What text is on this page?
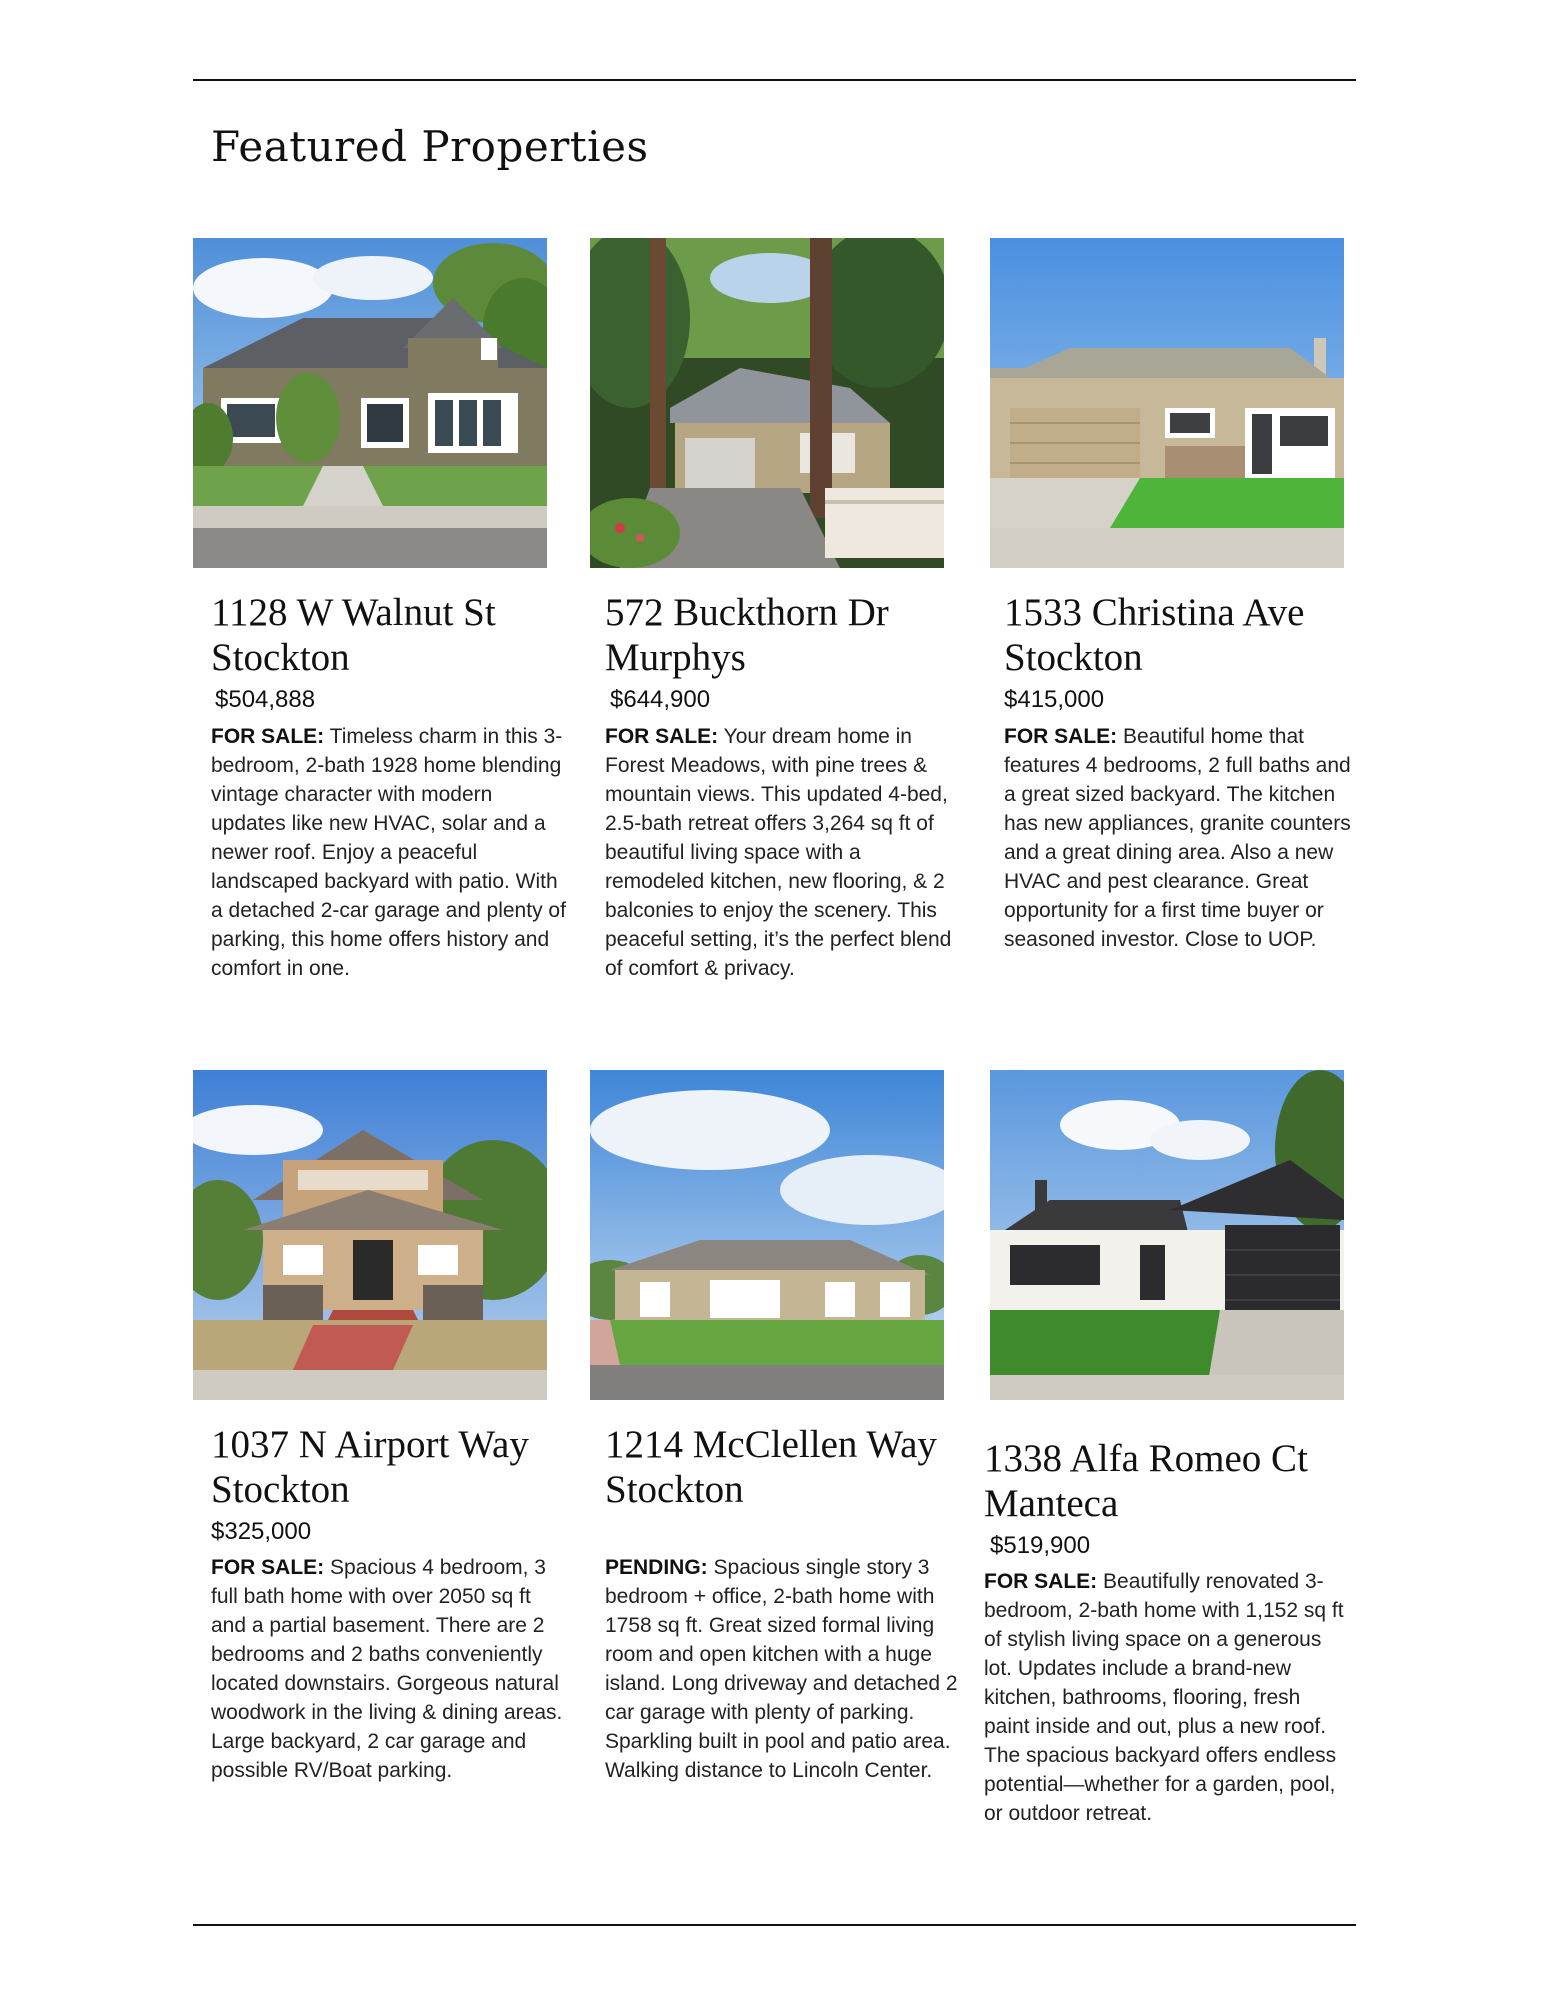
Featured Properties
1128 W Walnut St
Stockton

$504,888

FOR SALE: Timeless charm in this 3-bedroom, 2-bath 1928 home blending vintage character with modern updates like new HVAC, solar and a newer roof. Enjoy a peaceful landscaped backyard with patio. With a detached 2-car garage and plenty of parking, this home offers history and comfort in one.

572 Buckthorn Dr
Murphys

$644,900

FOR SALE: Your dream home in Forest Meadows, with pine trees & mountain views. This updated 4-bed, 2.5-bath retreat offers 3,264 sq ft of beautiful living space with a remodeled kitchen, new flooring, & 2 balconies to enjoy the scenery. This peaceful setting, it’s the perfect blend of comfort & privacy.

1533 Christina Ave
Stockton

$415,000

FOR SALE: Beautiful home that features 4 bedrooms, 2 full baths and a great sized backyard. The kitchen has new appliances, granite counters and a great dining area. Also a new HVAC and pest clearance. Great opportunity for a first time buyer or seasoned investor. Close to UOP.

1037 N Airport Way
Stockton

$325,000

FOR SALE: Spacious 4 bedroom, 3 full bath home with over 2050 sq ft and a partial basement. There are 2 bedrooms and 2 baths conveniently located downstairs. Gorgeous natural woodwork in the living & dining areas. Large backyard, 2 car garage and possible RV/Boat parking.

1214 McClellen Way
Stockton

PENDING: Spacious single story 3 bedroom + office, 2-bath home with 1758 sq ft. Great sized formal living room and open kitchen with a huge island. Long driveway and detached 2 car garage with plenty of parking. Sparkling built in pool and patio area. Walking distance to Lincoln Center.

1338 Alfa Romeo Ct
Manteca

$519,900

FOR SALE: Beautifully renovated 3-bedroom, 2-bath home with 1,152 sq ft of stylish living space on a generous lot. Updates include a brand-new kitchen, bathrooms, flooring, fresh paint inside and out, plus a new roof. The spacious backyard offers endless potential—whether for a garden, pool, or outdoor retreat.
